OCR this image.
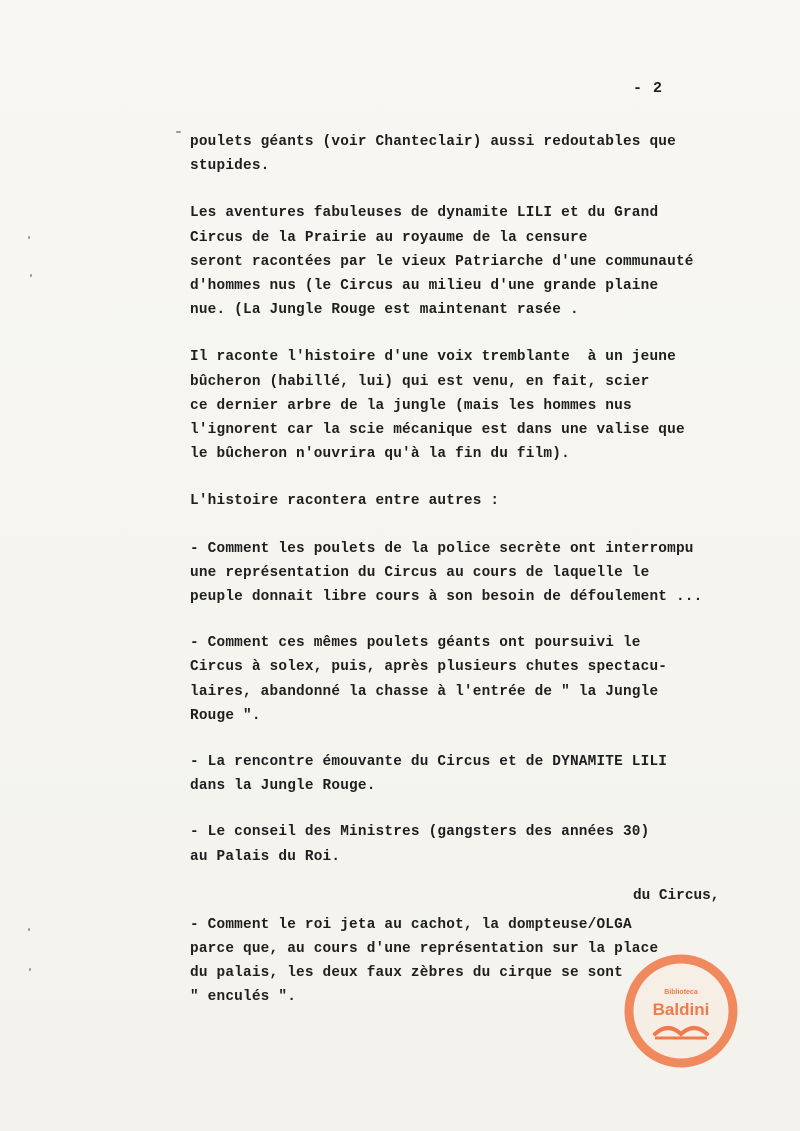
- 2
poulets géants (voir Chanteclair) aussi redoutables que
stupides.
Les aventures fabuleuses de dynamite LILI et du Grand
Circus de la Prairie au royaume de la censure
seront racontées par le vieux Patriarche d'une communauté
d'hommes nus (le Circus au milieu d'une grande plaine
nue. (La Jungle Rouge est maintenant rasée .
Il raconte l'histoire d'une voix tremblante  à un jeune
bûcheron (habillé, lui) qui est venu, en fait, scier
ce dernier arbre de la jungle (mais les hommes nus
l'ignorent car la scie mécanique est dans une valise que
le bûcheron n'ouvrira qu'à la fin du film).
L'histoire racontera entre autres :
- Comment les poulets de la police secrète ont interrompu
une représentation du Circus au cours de laquelle le
peuple donnait libre cours à son besoin de défoulement ...
- Comment ces mêmes poulets géants ont poursuivi le
Circus à solex, puis, après plusieurs chutes spectacu-
laires, abandonné la chasse à l'entrée de " la Jungle
Rouge ".
- La rencontre émouvante du Circus et de DYNAMITE LILI
dans la Jungle Rouge.
- Le conseil des Ministres (gangsters des années 30)
au Palais du Roi.
- Comment le roi jeta au cachot, la dompteuse/OLGA
parce que, au cours d'une représentation sur la place
du palais, les deux faux zèbres du cirque se sont
" enculés ".
du Circus,
Biblioteca
Baldini
